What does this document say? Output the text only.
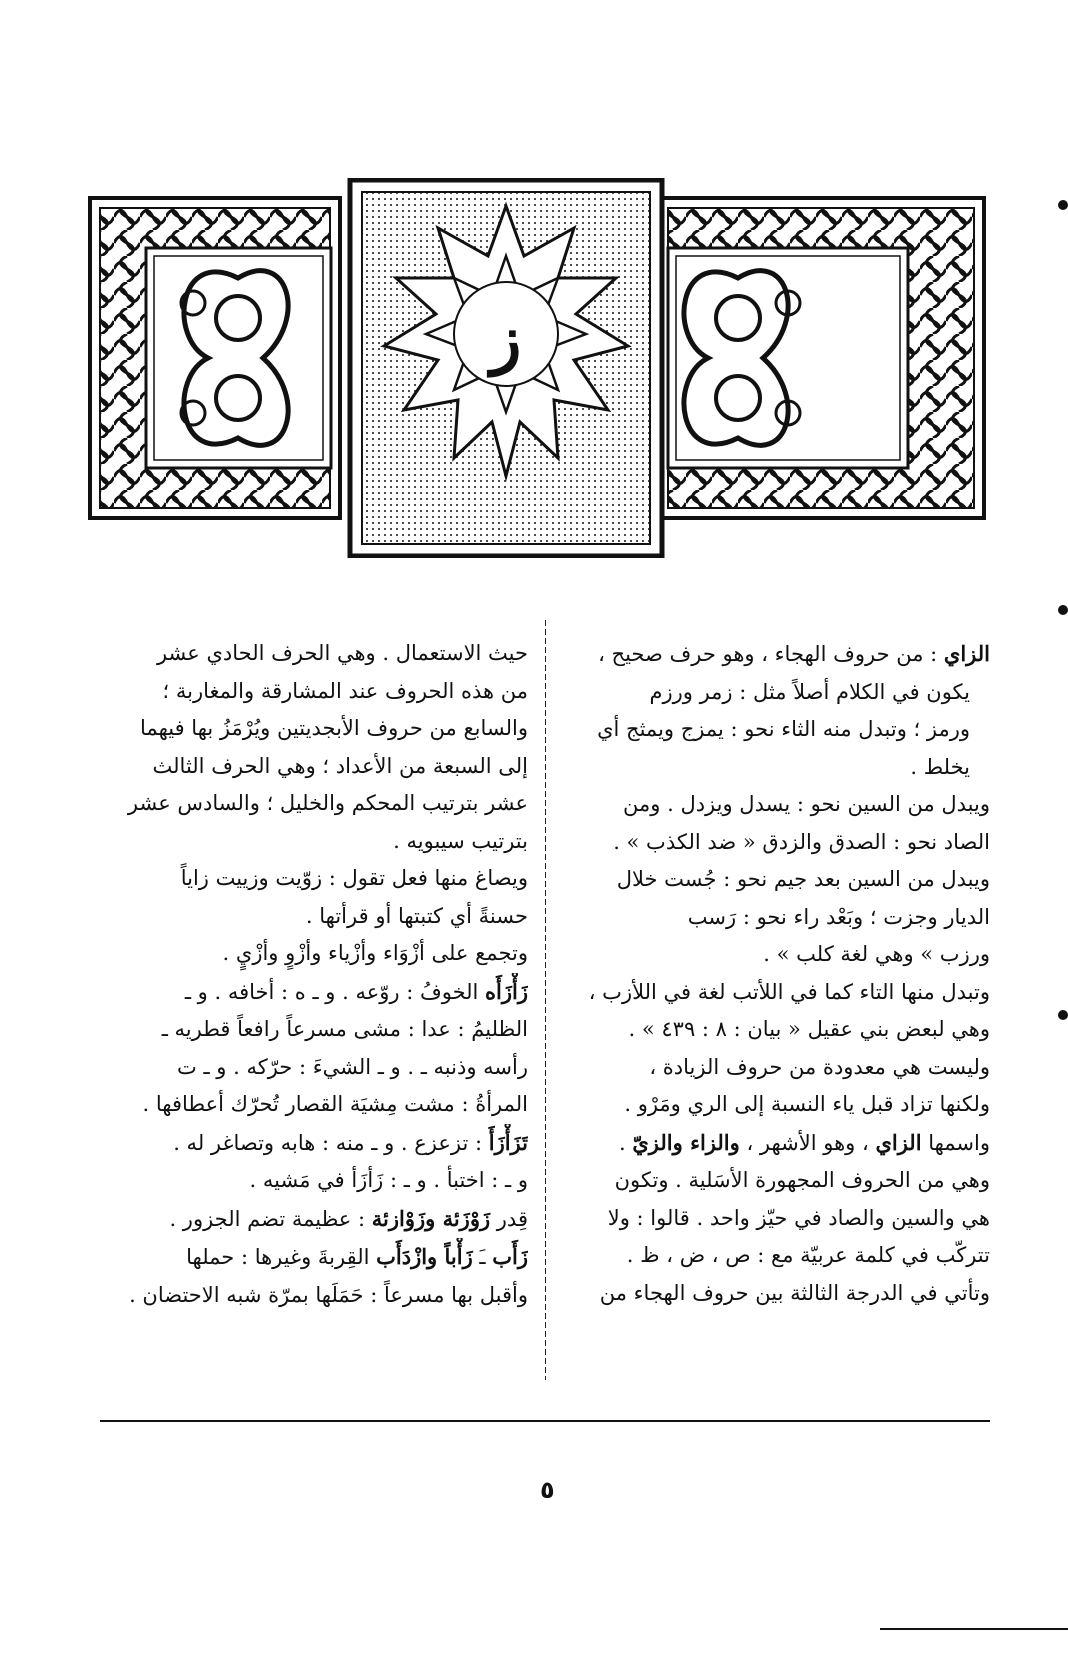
ز
الزاي : من حروف الهجاء ، وهو حرف صحيح ،
يكون في الكلام أصلاً مثل : زمر ورزم
ورمز ؛ وتبدل منه الثاء نحو : يمزج ويمثج أي
يخلط .
ويبدل من السين نحو : يسدل ويزدل . ومن
الصاد نحو : الصدق والزدق « ضد الكذب » .
ويبدل من السين بعد جيم نحو : جُست خلال
الديار وجزت ؛ وبَعْد راء نحو : رَسب
ورزب » وهي لغة كلب » .
وتبدل منها التاء كما في اللأتب لغة في اللأزب ،
وهي لبعض بني عقيل « بيان : ٨ : ٤٣٩ » .
وليست هي معدودة من حروف الزيادة ،
ولكنها تزاد قبل ياء النسبة إلى الري ومَرْو .
واسمها الزاي ، وهو الأشهر ، والزاء والزيّ .
وهي من الحروف المجهورة الأسَلية . وتكون
هي والسين والصاد في حيّز واحد . قالوا : ولا
تتركّب في كلمة عربيّة مع : ص ، ض ، ظ .
وتأتي في الدرجة الثالثة بين حروف الهجاء من
حيث الاستعمال . وهي الحرف الحادي عشر
من هذه الحروف عند المشارقة والمغاربة ؛
والسابع من حروف الأبجديتين ويُرْمَزُ بها فيهما
إلى السبعة من الأعداد ؛ وهي الحرف الثالث
عشر بترتيب المحكم والخليل ؛ والسادس عشر
بترتيب سيبويه .
ويصاغ منها فعل تقول : زوّيت وزييت زاياً
حسنةً أي كتبتها أو قرأتها .
وتجمع على أزْوَاء وأزْياء وأزْوٍ وأزْيٍ .
زَأْزَأَه الخوفُ : روّعه . و ـ ه : أخافه . و ـ
الظليمُ : عدا : مشى مسرعاً رافعاً قطريه ـ
رأسه وذنبه ـ . و ـ الشيءَ : حرّكه . و ـ ت
المرأةُ : مشت مِشيَة القصار تُحرّك أعطافها .
تَزَأْزَأَ : تزعزع . و ـ منه : هابه وتصاغر له .
و ـ : اختبأ . و ـ : زَأزَأ في مَشيه .
قِدر زَوْزَئة وزَوْازئة : عظيمة تضم الجزور .
زَأَب ـَ زَأْباً وازْدَأَب القِربةَ وغيرها : حملها
وأقبل بها مسرعاً : حَمَلَها بمرّة شبه الاحتضان .
٥
